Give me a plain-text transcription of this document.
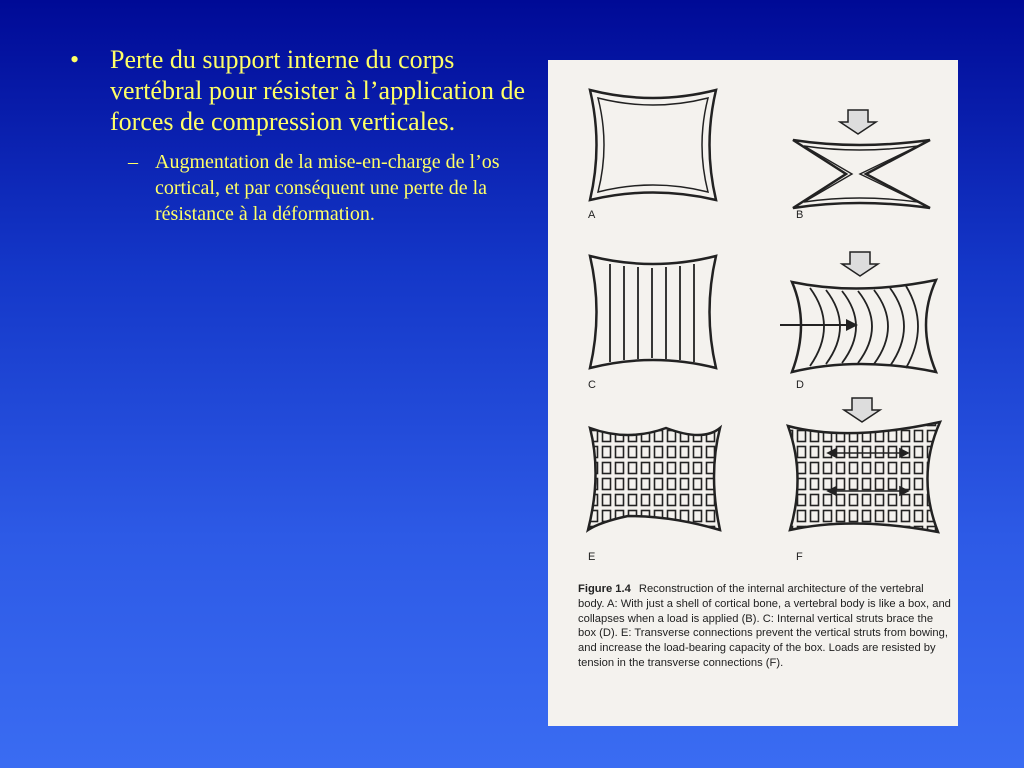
• Perte du support interne du corps vertébral pour résister à l’application de forces de compression verticales.
– Augmentation de la mise-en-charge de l’os cortical, et par conséquent une perte de la résistance à la déformation.	A	B
C	D
E	F
Figure 1.4 Reconstruction of the internal architecture of the vertebral body. A: With just a shell of cortical bone, a vertebral body is like a box, and collapses when a load is applied (B). C: Internal vertical struts brace the box (D). E: Transverse connections prevent the vertical struts from bowing, and increase the load-bearing capacity of the box. Loads are resisted by tension in the transverse connections (F).
